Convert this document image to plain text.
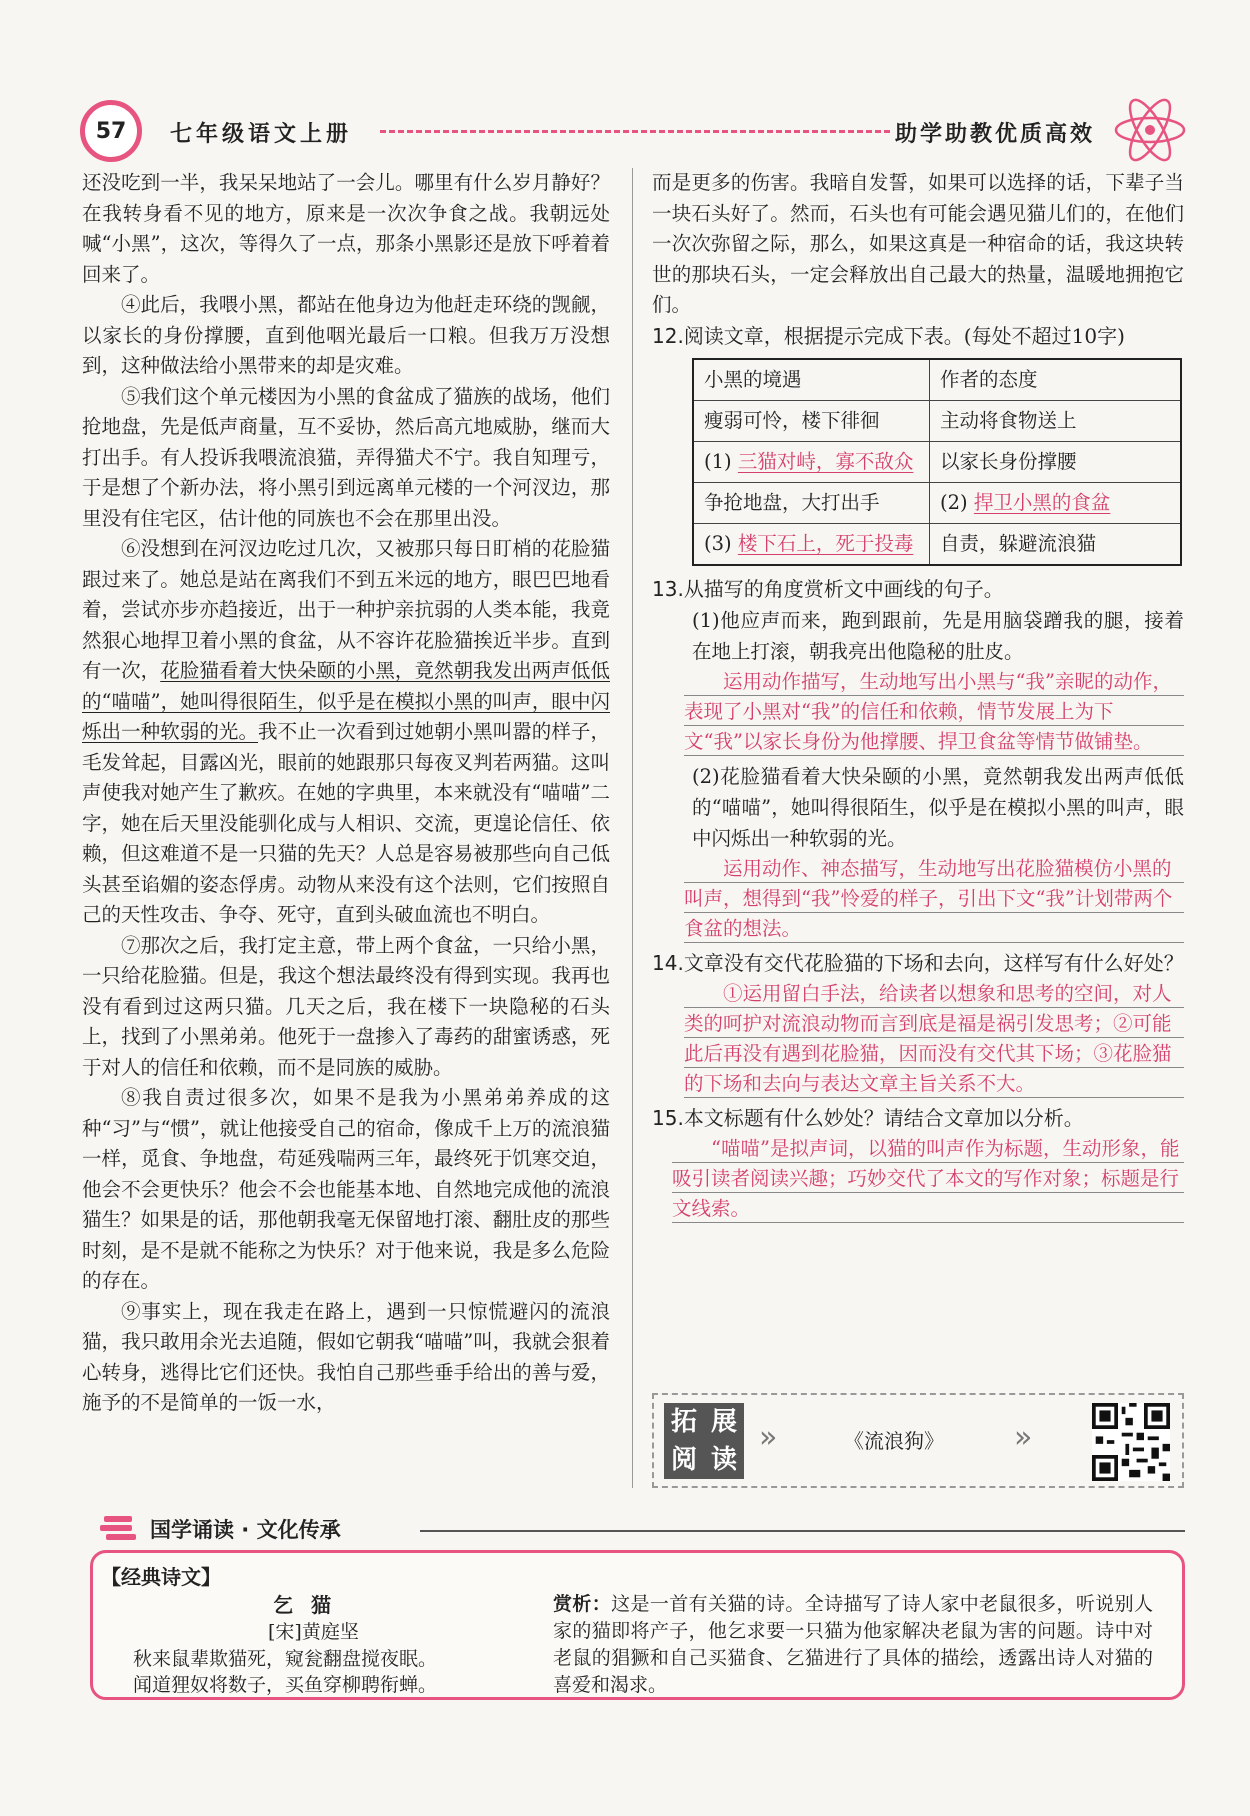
57	七年级语文上册	助学助教优质高效

还没吃到一半，我呆呆地站了一会儿。哪里有什么岁月静好？在我转身看不见的地方，原来是一次次争食之战。我朝远处喊“小黑”，这次，等得久了一点，那条小黑影还是放下呼着着回来了。

④此后，我喂小黑，都站在他身边为他赶走环绕的觊觎，以家长的身份撑腰，直到他咽光最后一口粮。但我万万没想到，这种做法给小黑带来的却是灾难。

⑤我们这个单元楼因为小黑的食盆成了猫族的战场，他们抢地盘，先是低声商量，互不妥协，然后高亢地威胁，继而大打出手。有人投诉我喂流浪猫，弄得猫犬不宁。我自知理亏，于是想了个新办法，将小黑引到远离单元楼的一个河汊边，那里没有住宅区，估计他的同族也不会在那里出没。

⑥没想到在河汊边吃过几次，又被那只每日盯梢的花脸猫跟过来了。她总是站在离我们不到五米远的地方，眼巴巴地看着，尝试亦步亦趋接近，出于一种护亲抗弱的人类本能，我竟然狠心地捍卫着小黑的食盆，从不容许花脸猫挨近半步。直到有一次，花脸猫看着大快朵颐的小黑，竟然朝我发出两声低低的“喵喵”，她叫得很陌生，似乎是在模拟小黑的叫声，眼中闪烁出一种软弱的光。我不止一次看到过她朝小黑叫嚣的样子，毛发耸起，目露凶光，眼前的她跟那只每夜叉判若两猫。这叫声使我对她产生了歉疚。在她的字典里，本来就没有“喵喵”二字，她在后天里没能驯化成与人相识、交流，更遑论信任、依赖，但这难道不是一只猫的先天？人总是容易被那些向自己低头甚至谄媚的姿态俘虏。动物从来没有这个法则，它们按照自己的天性攻击、争夺、死守，直到头破血流也不明白。

⑦那次之后，我打定主意，带上两个食盆，一只给小黑，一只给花脸猫。但是，我这个想法最终没有得到实现。我再也没有看到过这两只猫。几天之后，我在楼下一块隐秘的石头上，找到了小黑弟弟。他死于一盘掺入了毒药的甜蜜诱惑，死于对人的信任和依赖，而不是同族的威胁。

⑧我自责过很多次，如果不是我为小黑弟弟养成的这种“习”与“惯”，就让他接受自己的宿命，像成千上万的流浪猫一样，觅食、争地盘，苟延残喘两三年，最终死于饥寒交迫，他会不会更快乐？他会不会也能基本地、自然地完成他的流浪猫生？如果是的话，那他朝我毫无保留地打滚、翻肚皮的那些时刻，是不是就不能称之为快乐？对于他来说，我是多么危险的存在。

⑨事实上，现在我走在路上，遇到一只惊慌避闪的流浪猫，我只敢用余光去追随，假如它朝我“喵喵”叫，我就会狠着心转身，逃得比它们还快。我怕自己那些垂手给出的善与爱，施予的不是简单的一饭一水，

而是更多的伤害。我暗自发誓，如果可以选择的话，下辈子当一块石头好了。然而，石头也有可能会遇见猫儿们的，在他们一次次弥留之际，那么，如果这真是一种宿命的话，我这块转世的那块石头，一定会释放出自己最大的热量，温暖地拥抱它们。

12.阅读文章，根据提示完成下表。(每处不超过10字)

小黑的境遇	作者的态度
瘦弱可怜，楼下徘徊	主动将食物送上
(1) 三猫对峙，寡不敌众	以家长身份撑腰
争抢地盘，大打出手	(2) 捍卫小黑的食盆
(3) 楼下石上，死于投毒	自责，躲避流浪猫

13.从描写的角度赏析文中画线的句子。

(1)他应声而来，跑到跟前，先是用脑袋蹭我的腿，接着在地上打滚，朝我亮出他隐秘的肚皮。

运用动作描写，生动地写出小黑与“我”亲昵的动作，表现了小黑对“我”的信任和依赖，情节发展上为下文“我”以家长身份为他撑腰、捍卫食盆等情节做铺垫。

(2)花脸猫看着大快朵颐的小黑，竟然朝我发出两声低低的“喵喵”，她叫得很陌生，似乎是在模拟小黑的叫声，眼中闪烁出一种软弱的光。

运用动作、神态描写，生动地写出花脸猫模仿小黑的叫声，想得到“我”怜爱的样子，引出下文“我”计划带两个食盆的想法。

14.文章没有交代花脸猫的下场和去向，这样写有什么好处？

①运用留白手法，给读者以想象和思考的空间，对人类的呵护对流浪动物而言到底是福是祸引发思考；②可能此后再没有遇到花脸猫，因而没有交代其下场；③花脸猫的下场和去向与表达文章主旨关系不大。

15.本文标题有什么妙处？请结合文章加以分析。

“喵喵”是拟声词，以猫的叫声作为标题，生动形象，能吸引读者阅读兴趣；巧妙交代了本文的写作对象；标题是行文线索。

拓 展
阅 读
»	《流浪狗》 »
国学诵读 · 文化传承
【经典诗文】
乞猫
[宋]黄庭坚
秋来鼠辈欺猫死，窥瓮翻盘搅夜眠。
闻道狸奴将数子，买鱼穿柳聘衔蝉。
赏析：这是一首有关猫的诗。全诗描写了诗人家中老鼠很多，听说别人家的猫即将产子，他乞求要一只猫为他家解决老鼠为害的问题。诗中对老鼠的猖獗和自己买猫食、乞猫进行了具体的描绘，透露出诗人对猫的喜爱和渴求。
